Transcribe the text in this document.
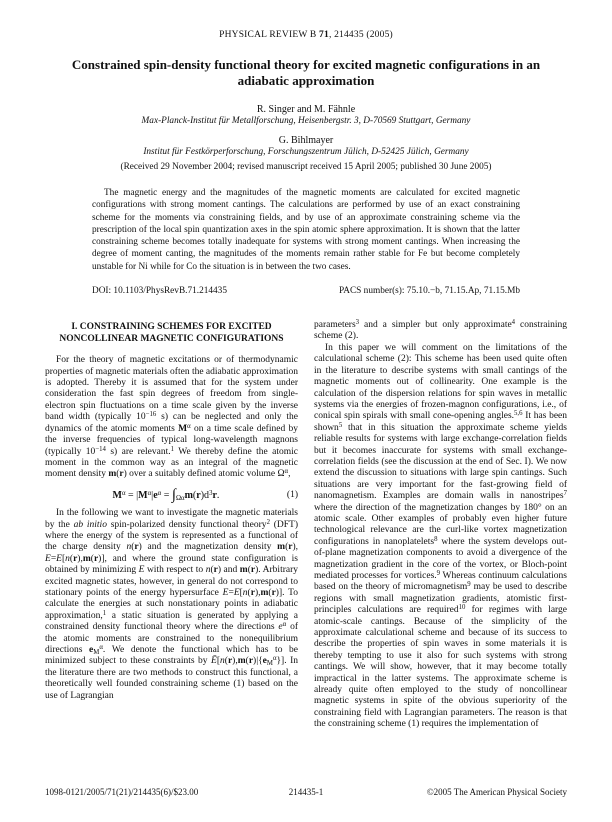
PHYSICAL REVIEW B 71, 214435 (2005)
Constrained spin-density functional theory for excited magnetic configurations in an adiabatic approximation
R. Singer and M. Fähnle
Max-Planck-Institut für Metallforschung, Heisenbergstr. 3, D-70569 Stuttgart, Germany
G. Bihlmayer
Institut für Festkörperforschung, Forschungszentrum Jülich, D-52425 Jülich, Germany
(Received 29 November 2004; revised manuscript received 15 April 2005; published 30 June 2005)
The magnetic energy and the magnitudes of the magnetic moments are calculated for excited magnetic configurations with strong moment cantings. The calculations are performed by use of an exact constraining scheme for the moments via constraining fields, and by use of an approximate constraining scheme via the prescription of the local spin quantization axes in the spin atomic sphere approximation. It is shown that the latter constraining scheme becomes totally inadequate for systems with strong moment cantings. When increasing the degree of moment canting, the magnitudes of the moments remain rather stable for Fe but become completely unstable for Ni while for Co the situation is in between the two cases.
DOI: 10.1103/PhysRevB.71.214435	PACS number(s): 75.10.−b, 71.15.Ap, 71.15.Mb
I. CONSTRAINING SCHEMES FOR EXCITED NONCOLLINEAR MAGNETIC CONFIGURATIONS

For the theory of magnetic excitations or of thermodynamic properties of magnetic materials often the adiabatic approximation is adopted. Thereby it is assumed that for the system under consideration the fast spin degrees of freedom from single-electron spin fluctuations on a time scale given by the inverse band width (typically $10^{-16}$ s) can be neglected and only the dynamics of the atomic moments $M^\alpha$ on a time scale defined by the inverse frequencies of typical long-wavelength magnons (typically $10^{-14}$ s) are relevant.$^1$ We thereby define the atomic moment in the common way as an integral of the magnetic moment density m(r) over a suitably defined atomic volume $\Omega^\alpha$,

$M^\alpha = |M^\alpha|e^\alpha = \int_{\Omega\alpha}m(r)d^3r$.	(1)

In the following we want to investigate the magnetic materials by the ab initio spin-polarized density functional theory$^2$ (DFT) where the energy of the system is represented as a functional of the charge density n(r) and the magnetization density m(r), E=E[n(r),m(r)], and where the ground state configuration is obtained by minimizing E with respect to n(r) and m(r). Arbitrary excited magnetic states, however, in general do not correspond to stationary points of the energy hypersurface E=E[n(r),m(r)]. To calculate the energies at such nonstationary points in adiabatic approximation,$^1$ a static situation is generated by applying a constrained density functional theory where the directions $e^\alpha$ of the atomic moments are constrained to the nonequilibrium directions $e_M^\alpha$. We denote the functional which has to be minimized subject to these constraints by $Ē[n(r),m(r)|\{e_M^\alpha\}]$. In the literature there are two methods to construct this functional, a theoretically well founded constraining scheme (1) based on the use of Lagrangian

parameters$^3$ and a simpler but only approximate$^4$ constraining scheme (2).

In this paper we will comment on the limitations of the calculational scheme (2): This scheme has been used quite often in the literature to describe systems with small cantings of the magnetic moments out of collinearity. One example is the calculation of the dispersion relations for spin waves in metallic systems via the energies of frozen-magnon configurations, i.e., of conical spin spirals with small cone-opening angles.$^{5,6}$ It has been shown$^5$ that in this situation the approximate scheme yields reliable results for systems with large exchange-correlation fields but it becomes inaccurate for systems with small exchange-correlation fields (see the discussion at the end of Sec. I). We now extend the discussion to situations with large spin cantings. Such situations are very important for the fast-growing field of nanomagnetism. Examples are domain walls in nanostripes$^7$ where the direction of the magnetization changes by 180° on an atomic scale. Other examples of probably even higher future technological relevance are the curl-like vortex magnetization configurations in nanoplatelets$^8$ where the system develops out-of-plane magnetization components to avoid a divergence of the magnetization gradient in the core of the vortex, or Bloch-point mediated processes for vortices.$^9$ Whereas continuum calculations based on the theory of micromagnetism$^9$ may be used to describe regions with small magnetization gradients, atomistic first-principles calculations are required$^{10}$ for regimes with large atomic-scale cantings. Because of the simplicity of the approximate calculational scheme and because of its success to describe the properties of spin waves in some materials it is thereby tempting to use it also for such systems with strong cantings. We will show, however, that it may become totally impractical in the latter systems. The approximate scheme is already quite often employed to the study of noncollinear magnetic systems in spite of the obvious superiority of the constraining field with Lagrangian parameters. The reason is that the constraining scheme (1) requires the implementation of

1098-0121/2005/71(21)/214435(6)/$23.00	214435-1	©2005 The American Physical Society
